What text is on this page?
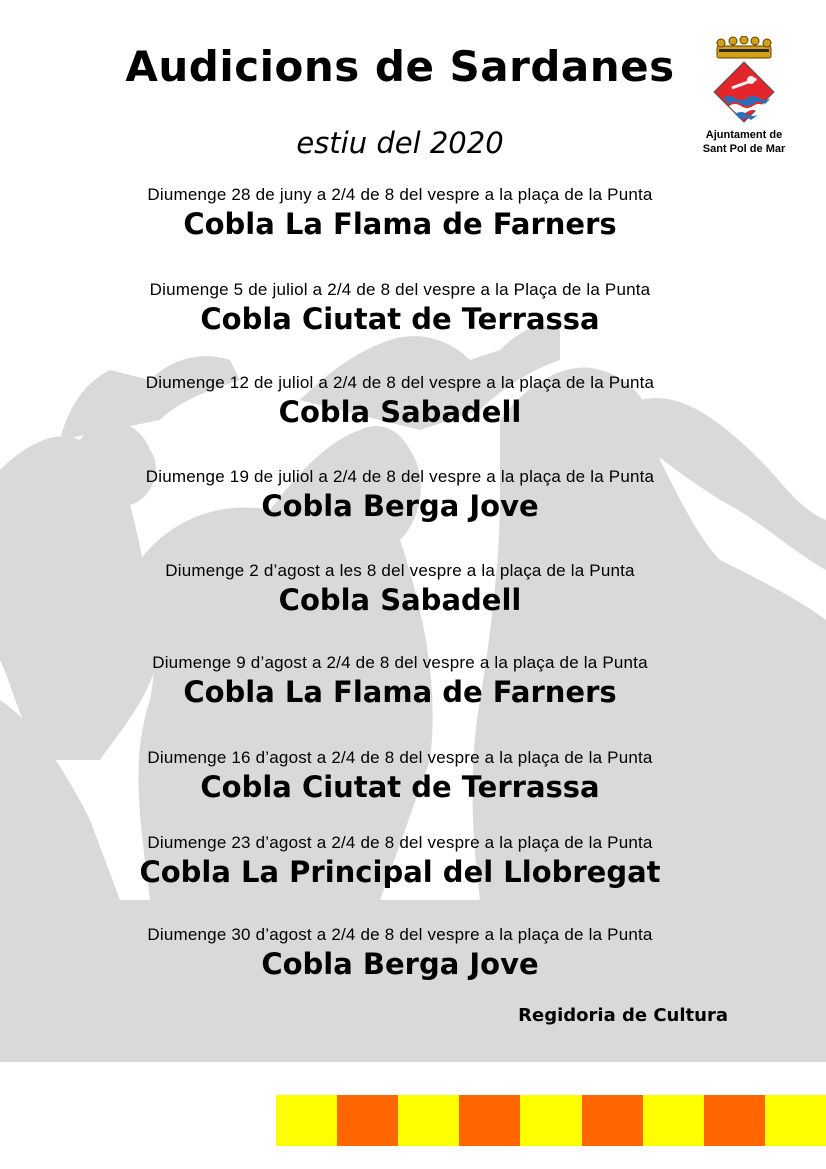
Audicions de Sardanes
estiu del 2020	Ajuntament de
Sant Pol de Mar
Diumenge 28 de juny a 2/4 de 8 del vespre a la plaça de la Punta
Cobla La Flama de Farners
Diumenge 5 de juliol a 2/4 de 8 del vespre a la Plaça de la Punta
Cobla Ciutat de Terrassa
Diumenge 12 de juliol a 2/4 de 8 del vespre a la plaça de la Punta
Cobla Sabadell
Diumenge 19 de juliol a 2/4 de 8 del vespre a la plaça de la Punta
Cobla Berga Jove
Diumenge 2 d’agost a les 8 del vespre a la plaça de la Punta
Cobla Sabadell
Diumenge 9 d’agost a 2/4 de 8 del vespre a la plaça de la Punta
Cobla La Flama de Farners
Diumenge 16 d’agost a 2/4 de 8 del vespre a la plaça de la Punta
Cobla Ciutat de Terrassa
Diumenge 23 d’agost a 2/4 de 8 del vespre a la plaça de la Punta
Cobla La Principal del Llobregat
Diumenge 30 d’agost a 2/4 de 8 del vespre a la plaça de la Punta
Cobla Berga Jove
Regidoria de Cultura
